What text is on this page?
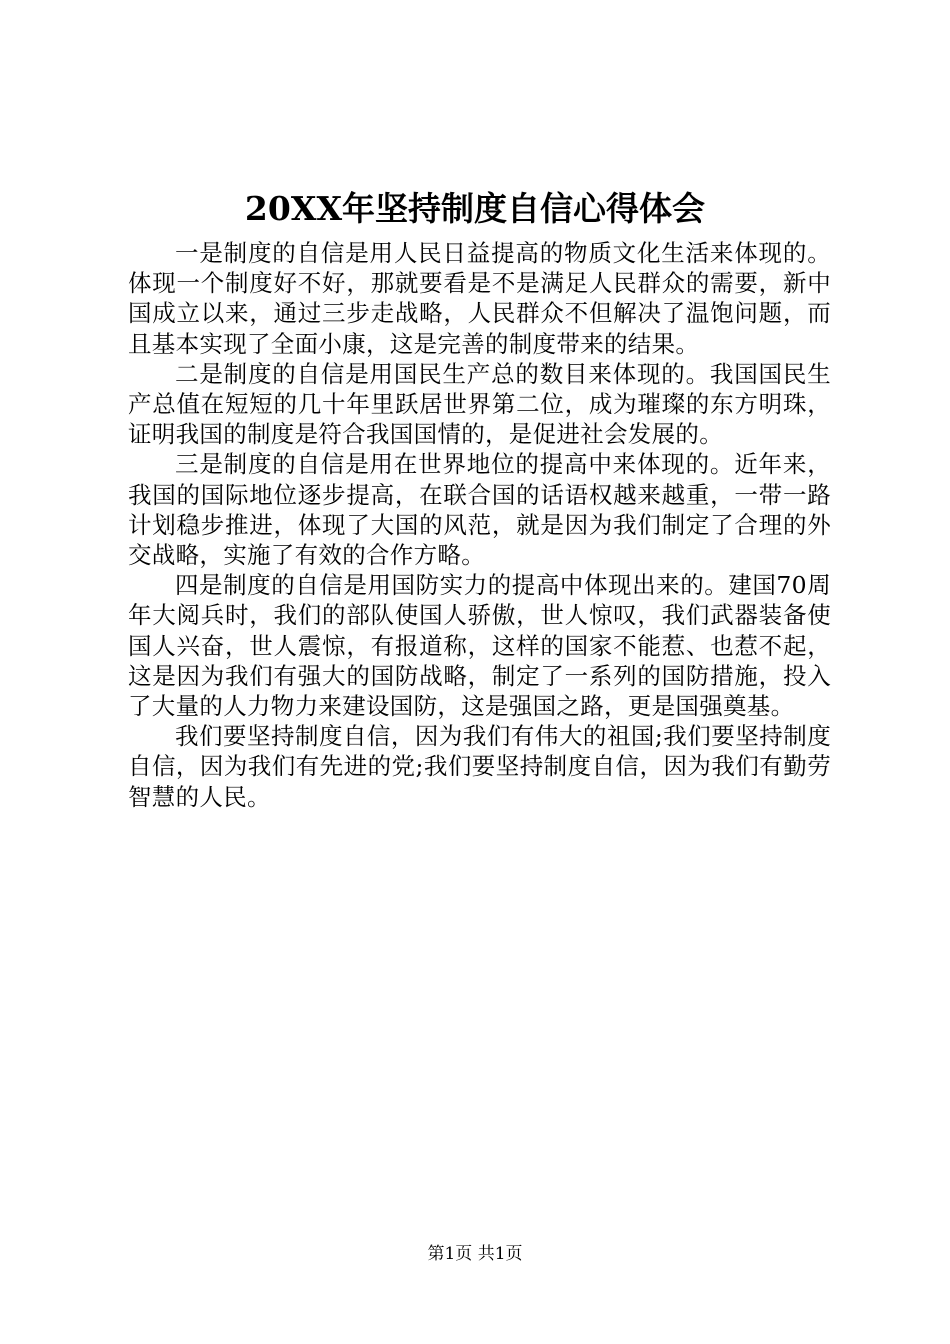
20XX年坚持制度自信心得体会

一是制度的自信是用人民日益提高的物质文化生活来体现的。体现一个制度好不好，那就要看是不是满足人民群众的需要，新中国成立以来，通过三步走战略，人民群众不但解决了温饱问题，而且基本实现了全面小康，这是完善的制度带来的结果。

二是制度的自信是用国民生产总的数目来体现的。我国国民生产总值在短短的几十年里跃居世界第二位，成为璀璨的东方明珠，证明我国的制度是符合我国国情的，是促进社会发展的。

三是制度的自信是用在世界地位的提高中来体现的。近年来，我国的国际地位逐步提高，在联合国的话语权越来越重，一带一路计划稳步推进，体现了大国的风范，就是因为我们制定了合理的外交战略，实施了有效的合作方略。

四是制度的自信是用国防实力的提高中体现出来的。建国70周年大阅兵时，我们的部队使国人骄傲，世人惊叹，我们武器装备使国人兴奋，世人震惊，有报道称，这样的国家不能惹、也惹不起，这是因为我们有强大的国防战略，制定了一系列的国防措施，投入了大量的人力物力来建设国防，这是强国之路，更是国强奠基。

我们要坚持制度自信，因为我们有伟大的祖国;我们要坚持制度自信，因为我们有先进的党;我们要坚持制度自信，因为我们有勤劳智慧的人民。

第1页 共1页
